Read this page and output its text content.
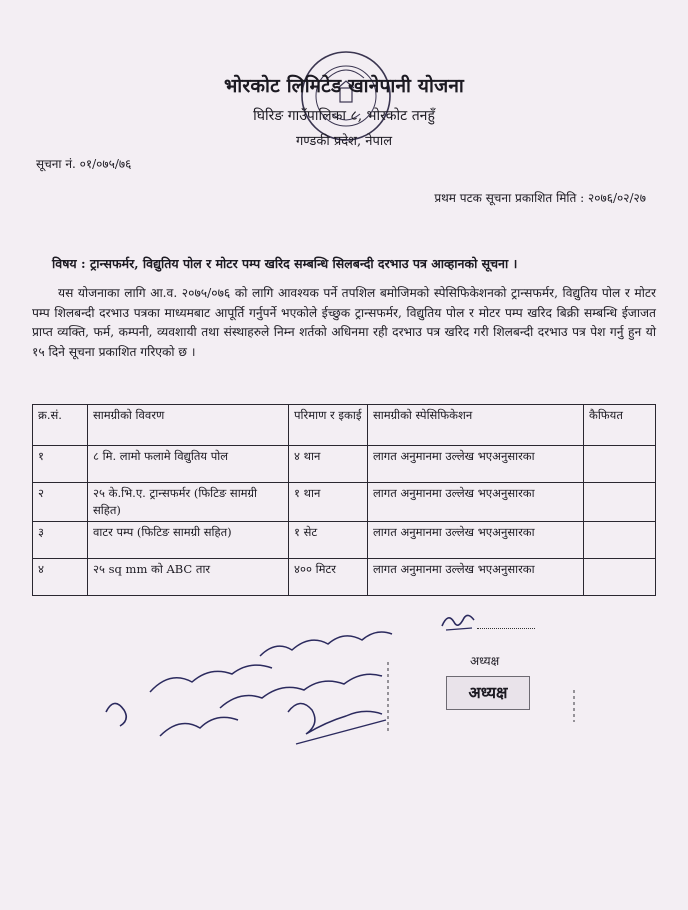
भोरकोट लिमिटेड खानेपानी योजना
घिरिङ गाउँपालिका ८, भोरकोट तनहुँ
गण्डकी प्रदेश, नेपाल
सूचना नं. ०१/०७५/७६
प्रथम पटक सूचना प्रकाशित मिति : २०७६/०२/२७
विषय : ट्रान्सफर्मर, विद्युतिय पोल र मोटर पम्प खरिद सम्बन्धि सिलबन्दी दरभाउ पत्र आव्हानको सूचना ।
यस योजनाका लागि आ.व. २०७५/०७६ को लागि आवश्यक पर्ने तपशिल बमोजिमको स्पेसिफिकेशनको ट्रान्सफर्मर, विद्युतिय पोल र मोटर पम्प शिलबन्दी दरभाउ पत्रका माध्यमबाट आपूर्ति गर्नुपर्ने भएकोले ईच्छुक ट्रान्सफर्मर, विद्युतिय पोल र मोटर पम्प खरिद बिक्री सम्बन्धि ईजाजत प्राप्त व्यक्ति, फर्म, कम्पनी, व्यवशायी तथा संस्थाहरुले निम्न शर्तको अधिनमा रही दरभाउ पत्र खरिद गरी शिलबन्दी दरभाउ पत्र पेश गर्नु हुन यो १५ दिने सूचना प्रकाशित गरिएको छ ।
क्र.सं.	सामग्रीको विवरण	परिमाण र इकाई	सामग्रीको स्पेसिफिकेशन	कैफियत
१	८ मि. लामो फलामे विद्युतिय पोल	४ थान	लागत अनुमानमा उल्लेख भएअनुसारका	
२	२५ के.भि.ए. ट्रान्सफर्मर (फिटिङ सामग्री सहित)	१ थान	लागत अनुमानमा उल्लेख भएअनुसारका	
३	वाटर पम्प (फिटिङ सामग्री सहित)	१ सेट	लागत अनुमानमा उल्लेख भएअनुसारका	
४	२५ sq mm को ABC तार	४०० मिटर	लागत अनुमानमा उल्लेख भएअनुसारका	
अध्यक्ष
अध्यक्ष
